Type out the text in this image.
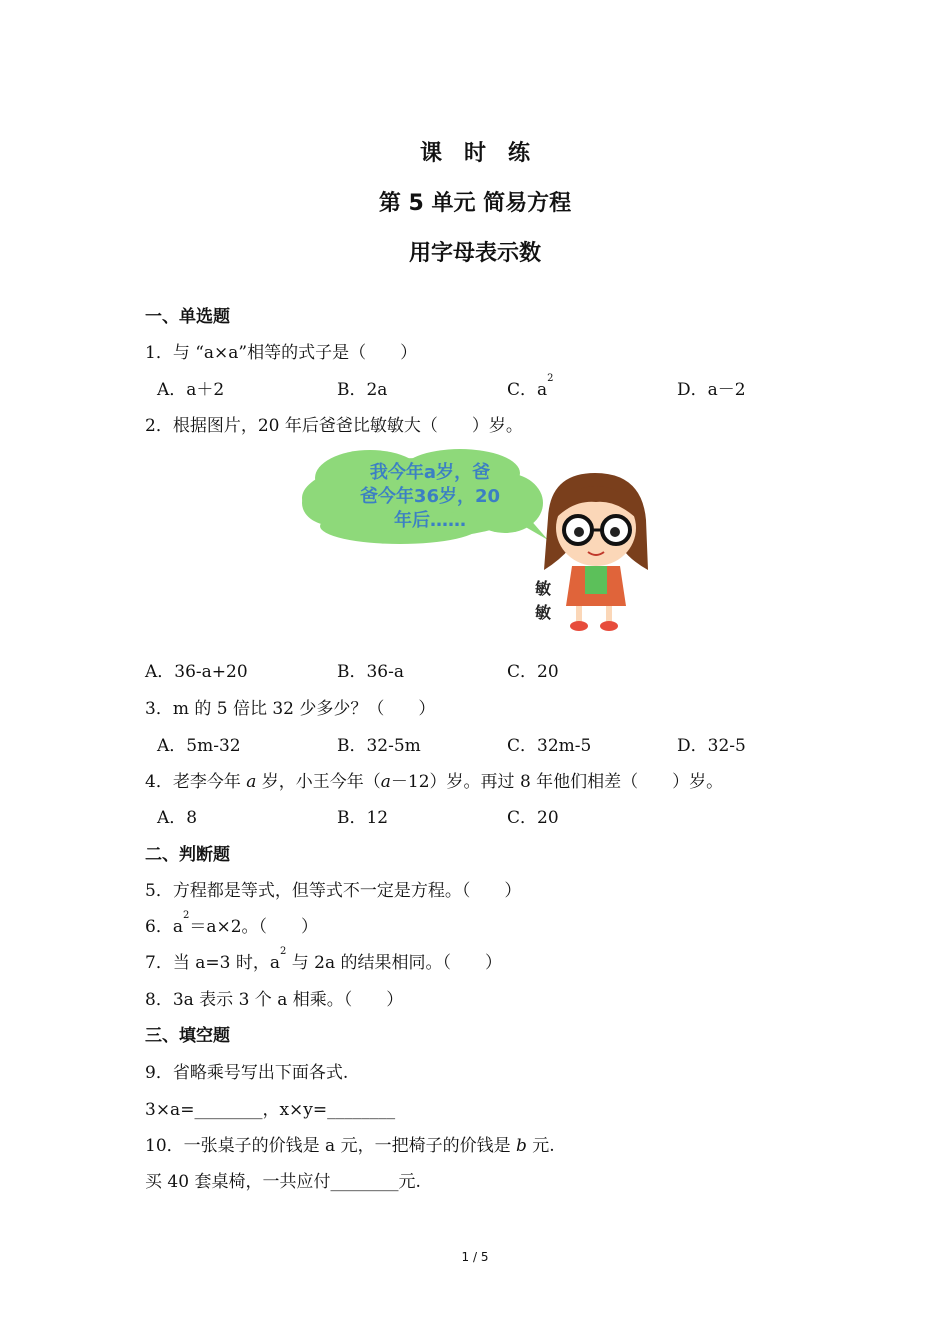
课　时　练
第 5 单元 简易方程
用字母表示数
一、单选题
1．与 “a×a”相等的式子是（　　）
A．a＋2	B．2a	C．$a^2$
D．a－2
2．根据图片，20 年后爸爸比敏敏大（　　）岁。
我今年a岁，爸
爸今年36岁，20
年后……
敏
敏
A．36-a+20	B．36-a	C．20
3．m 的 5 倍比 32 少多少？（　　）
A．5m-32	B．32-5m	C．32m-5	D．32-5
4．老李今年 a 岁，小王今年（a－12）岁。再过 8 年他们相差（　　）岁。
A．8	B．12	C．20
二、判断题
5．方程都是等式，但等式不一定是方程。（　　）
6．$a^2=a\times 2$。（　　）
7．当 a=3 时，$a^2$ 与 2a 的结果相同。（　　）
8．3a 表示 3 个 a 相乘。（　　）
三、填空题
9．省略乘号写出下面各式.
3×a=________，x×y=________
10．一张桌子的价钱是 a 元，一把椅子的价钱是 b 元.
买 40 套桌椅，一共应付________元.
1 / 5
